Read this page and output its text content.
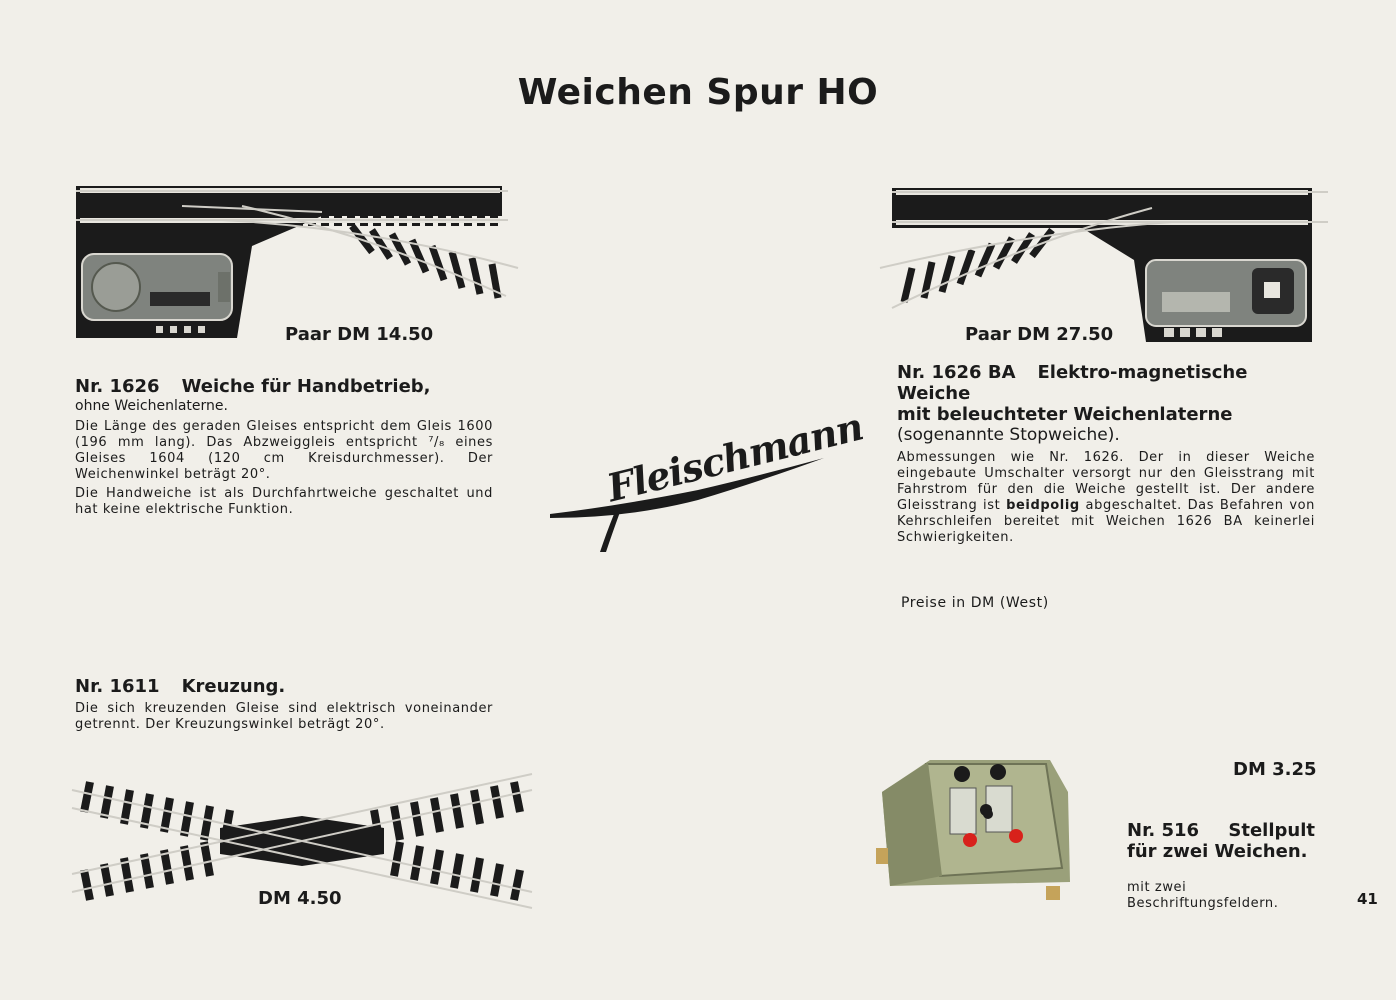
Weichen Spur HO
Paar DM 14.50	Paar DM 27.50
Nr. 1626 Weiche für Handbetrieb,
ohne Weichenlaterne.

Die Länge des geraden Gleises entspricht dem Gleis 1600 (196 mm lang). Das Abzweiggleis entspricht ⁷/₈ eines Gleises 1604 (120 cm Kreisdurchmesser). Der Weichenwinkel beträgt 20°.

Die Handweiche ist als Durchfahrtweiche geschaltet und hat keine elektrische Funktion.

Nr. 1626 BA Elektro-magnetische Weiche
mit beleuchteter Weichenlaterne
(sogenannte Stopweiche).

Abmessungen wie Nr. 1626. Der in dieser Weiche eingebaute Umschalter versorgt nur den Gleisstrang mit Fahrstrom für den die Weiche gestellt ist. Der andere Gleisstrang ist beidpolig abgeschaltet. Das Befahren von Kehrschleifen bereitet mit Weichen 1626 BA keinerlei Schwierigkeiten.

Fleischmann
Preise in DM (West)
Nr. 1611 Kreuzung.

Die sich kreuzenden Gleise sind elektrisch voneinander getrennt. Der Kreuzungswinkel beträgt 20°.

DM 4.50
DM 3.25
Nr. 516 Stellpult
für zwei Weichen.

mit zwei Beschriftungsfeldern.	41
